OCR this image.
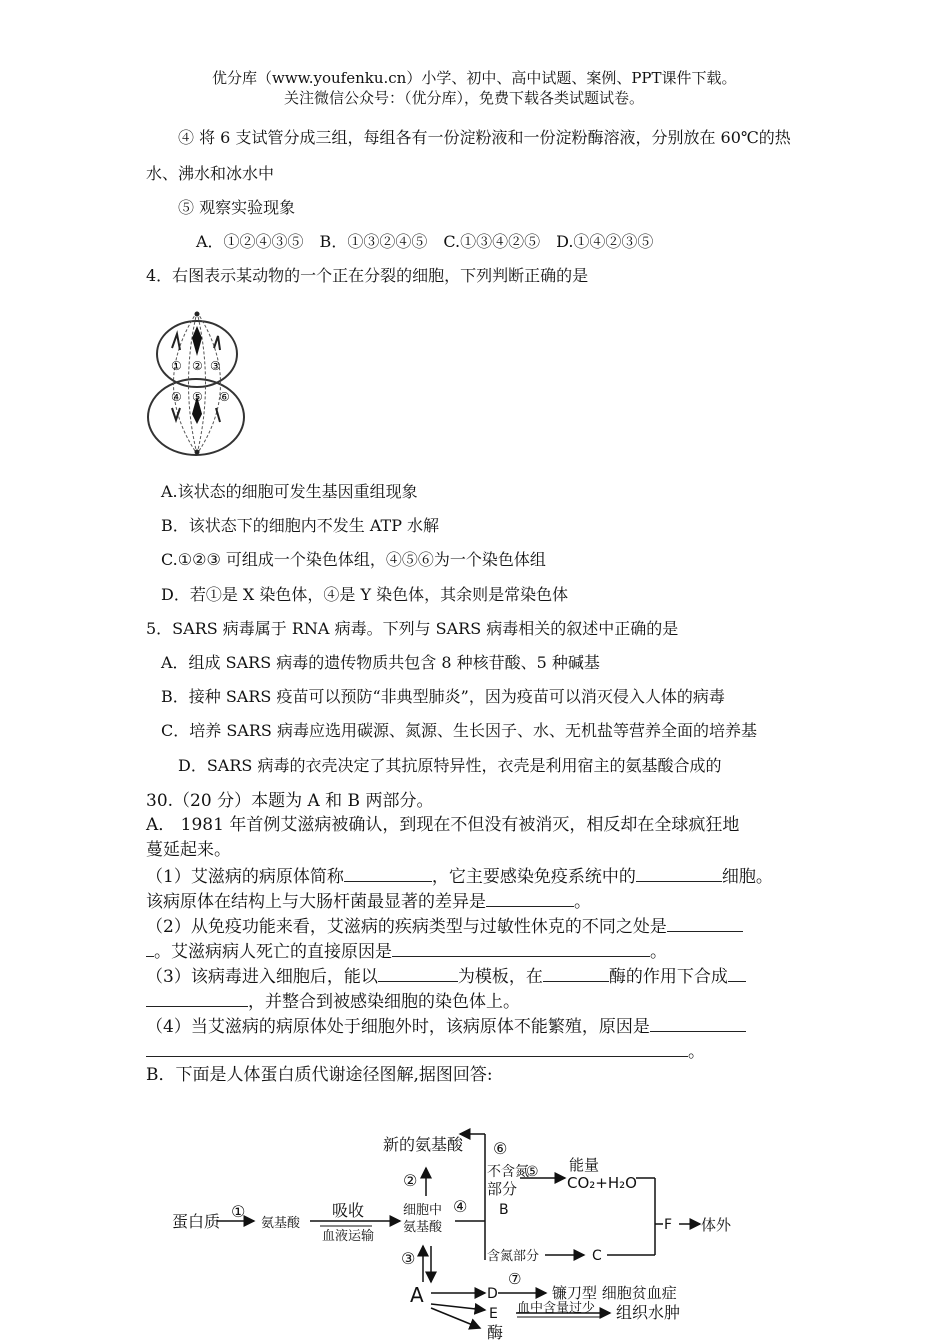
优分库（www.youfenku.cn）小学、初中、高中试题、案例、PPT课件下载。
关注微信公众号：（优分库），免费下载各类试题试卷。
④ 将 6 支试管分成三组，每组各有一份淀粉液和一份淀粉酶溶液，分别放在 60℃的热
水、沸水和冰水中
⑤ 观察实验现象
A．①②④③⑤　B．①③②④⑤　C.①③④②⑤　D.①④②③⑤
4．右图表示某动物的一个正在分裂的细胞，下列判断正确的是
① ② ③
④ ⑤ ⑥
A.该状态的细胞可发生基因重组现象
B．该状态下的细胞内不发生 ATP 水解
C.①②③ 可组成一个染色体组，④⑤⑥为一个染色体组
D．若①是 X 染色体，④是 Y 染色体，其余则是常染色体
5．SARS 病毒属于 RNA 病毒。下列与 SARS 病毒相关的叙述中正确的是
A．组成 SARS 病毒的遗传物质共包含 8 种核苷酸、5 种碱基
B．接种 SARS 疫苗可以预防“非典型肺炎”，因为疫苗可以消灭侵入人体的病毒
C．培养 SARS 病毒应选用碳源、氮源、生长因子、水、无机盐等营养全面的培养基
D．SARS 病毒的衣壳决定了其抗原特异性，衣壳是利用宿主的氨基酸合成的
30.（20 分）本题为 A 和 B 两部分。
A． 1981 年首例艾滋病被确认，到现在不但没有被消灭，相反却在全球疯狂地
蔓延起来。
（1）艾滋病的病原体简称	，它主要感染免疫系统中的	细胞。
该病原体在结构上与大肠杆菌最显著的差异是	。
（2）从免疫功能来看，艾滋病的疾病类型与过敏性休克的不同之处是
。艾滋病病人死亡的直接原因是	。
（3）该病毒进入细胞后，能以	为模板，在	酶的作用下合成
，并整合到被感染细胞的染色体上。
（4）当艾滋病的病原体处于细胞外时，该病原体不能繁殖，原因是
。
B．下面是人体蛋白质代谢途径图解,据图回答:
新的氨基酸 ⑥
②	不含氮
⑤ 能量
CO₂+H₂O
部分
①	吸收	细胞中 ④ B
蛋白质	氨基酸	氨基酸	F 体外
血液运输
含氮部分	C
③
⑦
A	D	镰刀型 细胞贫血症
E 血中含量过少 组织水肿
酶
